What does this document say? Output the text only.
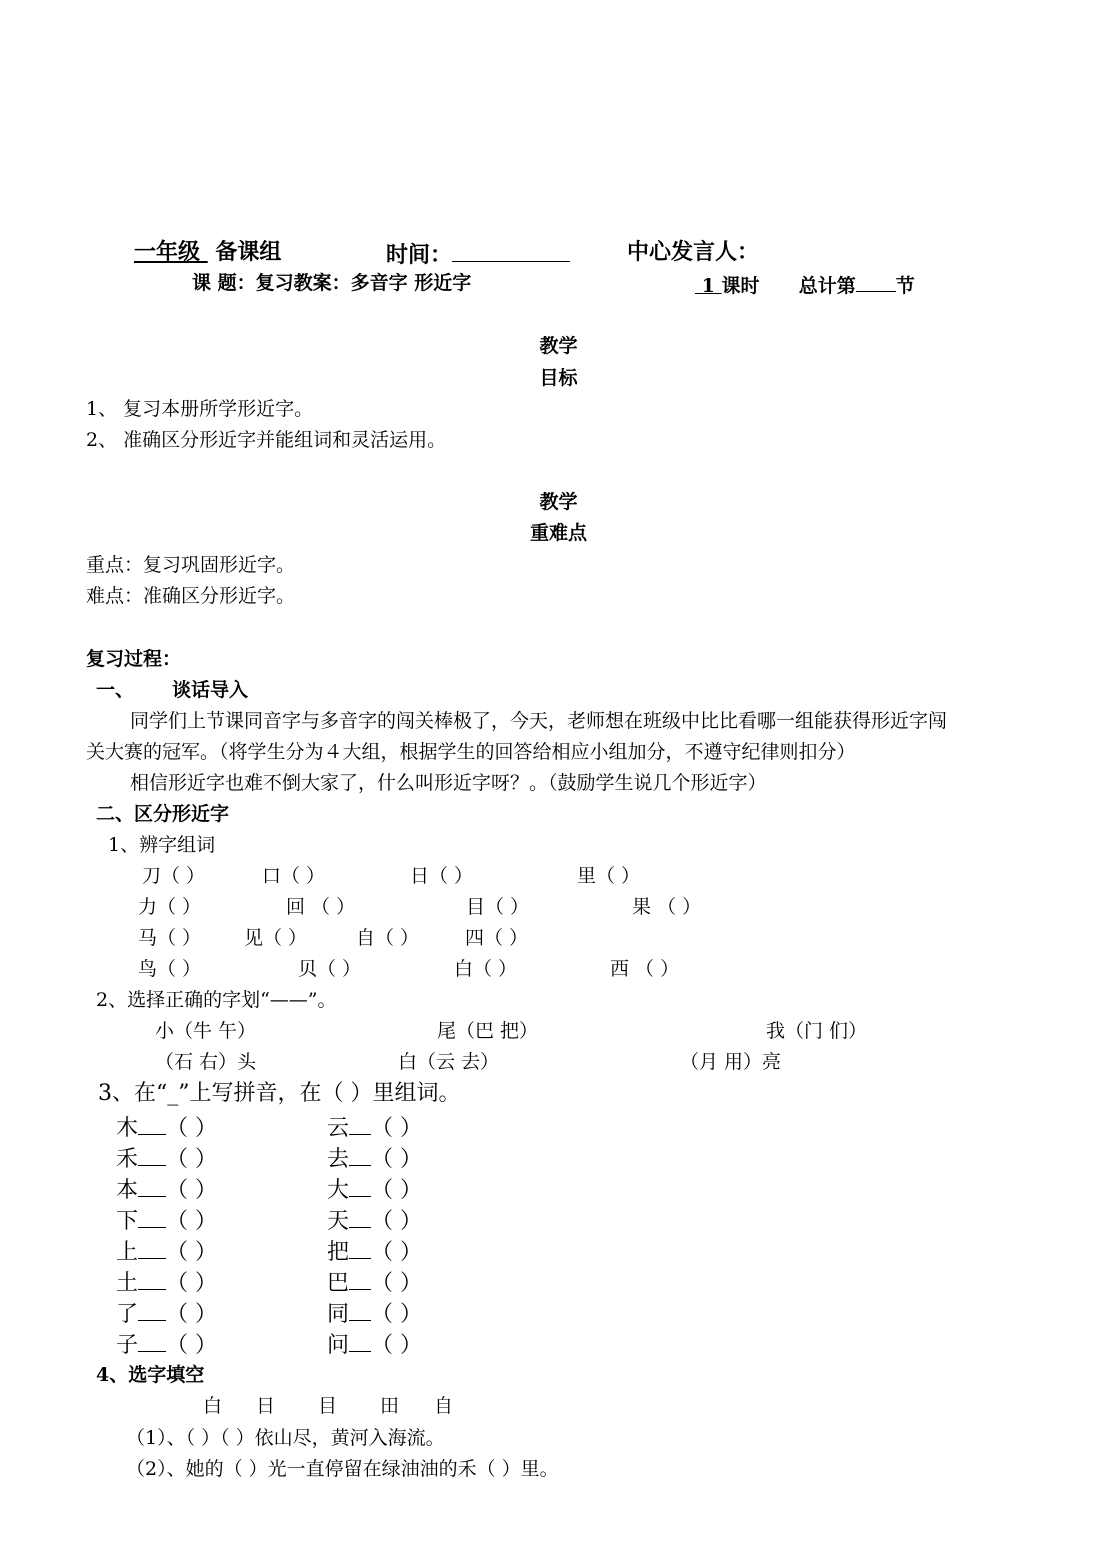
一年级 备课组	时间：	中心发言人：
课 题：复习教案：多音字 形近字	1 课时 总计第 节
教学
目标
1、 复习本册所学形近字。
2、 准确区分形近字并能组词和灵活运用。
教学
重难点
重点：复习巩固形近字。
难点：准确区分形近字。
复习过程：
一、 谈话导入
同学们上节课同音字与多音字的闯关棒极了，今天，老师想在班级中比比看哪一组能获得形近字闯
关大赛的冠军。（将学生分为４大组，根据学生的回答给相应小组加分，不遵守纪律则扣分）
相信形近字也难不倒大家了，什么叫形近字呀？。（鼓励学生说几个形近字）
二、区分形近字
1、辨字组词
刀（ ）	口（ ）	日（ ）	里（ ）
力（ ）	回 （ ）	目（ ）	果 （ ）
马（ ） 见（ ）	自（ ） 四（ ）
鸟（ ）	贝（ ）	白（ ）	西 （ ）
2、选择正确的字划“——”。
小（牛 午）	尾（巴 把）	我（门 们）
（石 右）头	白（云 去）	（月 用）亮
3、在“_”上写拼音，在（ ）里组词。
木 （ ）	云 （ ）
禾 （ ）	去 （ ）
本 （ ）	大 （ ）
下 （ ）	天 （ ）
上 （ ）	把 （ ）
土 （ ）	巴 （ ）
了 （ ）	同 （ ）
子 （ ）	问 （ ）
4、选字填空
白 日 目 田 自
（1）、（ ）（ ）依山尽，黄河入海流。
（2）、她的（ ）光一直停留在绿油油的禾（ ）里。
